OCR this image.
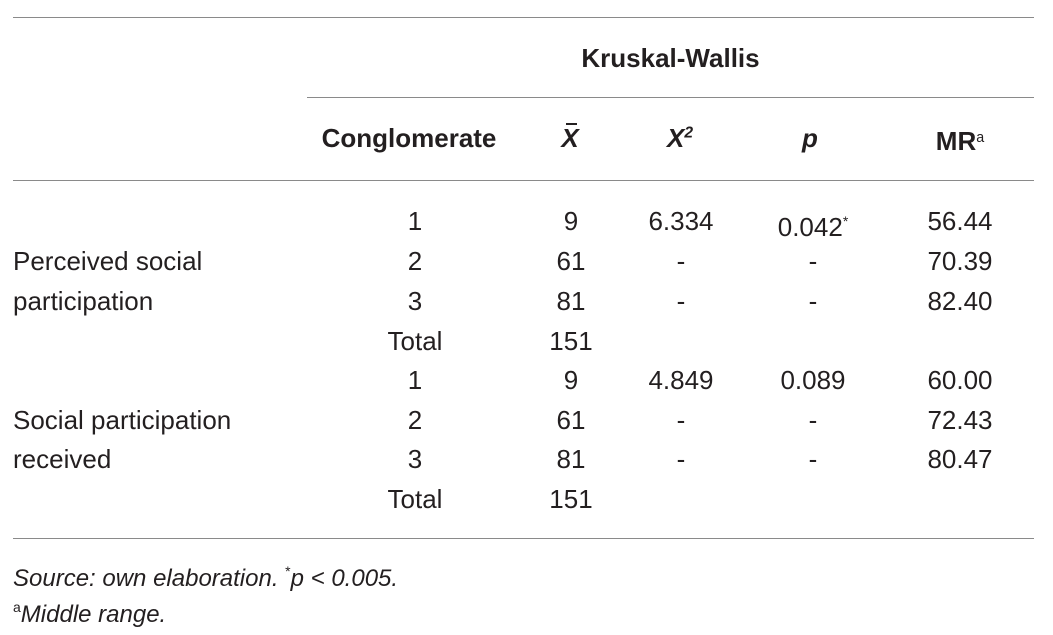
Kruskal-Wallis
Conglomerate	X	$X^2$	p	$MR^a$
Perceived social
participation
1	9	6.334	0.042*	56.44
2	61	-	-	70.39
3	81	-	-	82.40
Total	151
Social participation
received
1	9	4.849	0.089	60.00
2	61	-	-	72.43
3	81	-	-	80.47
Total	151
Source: own elaboration. *p < 0.005.
$^a$Middle range.
